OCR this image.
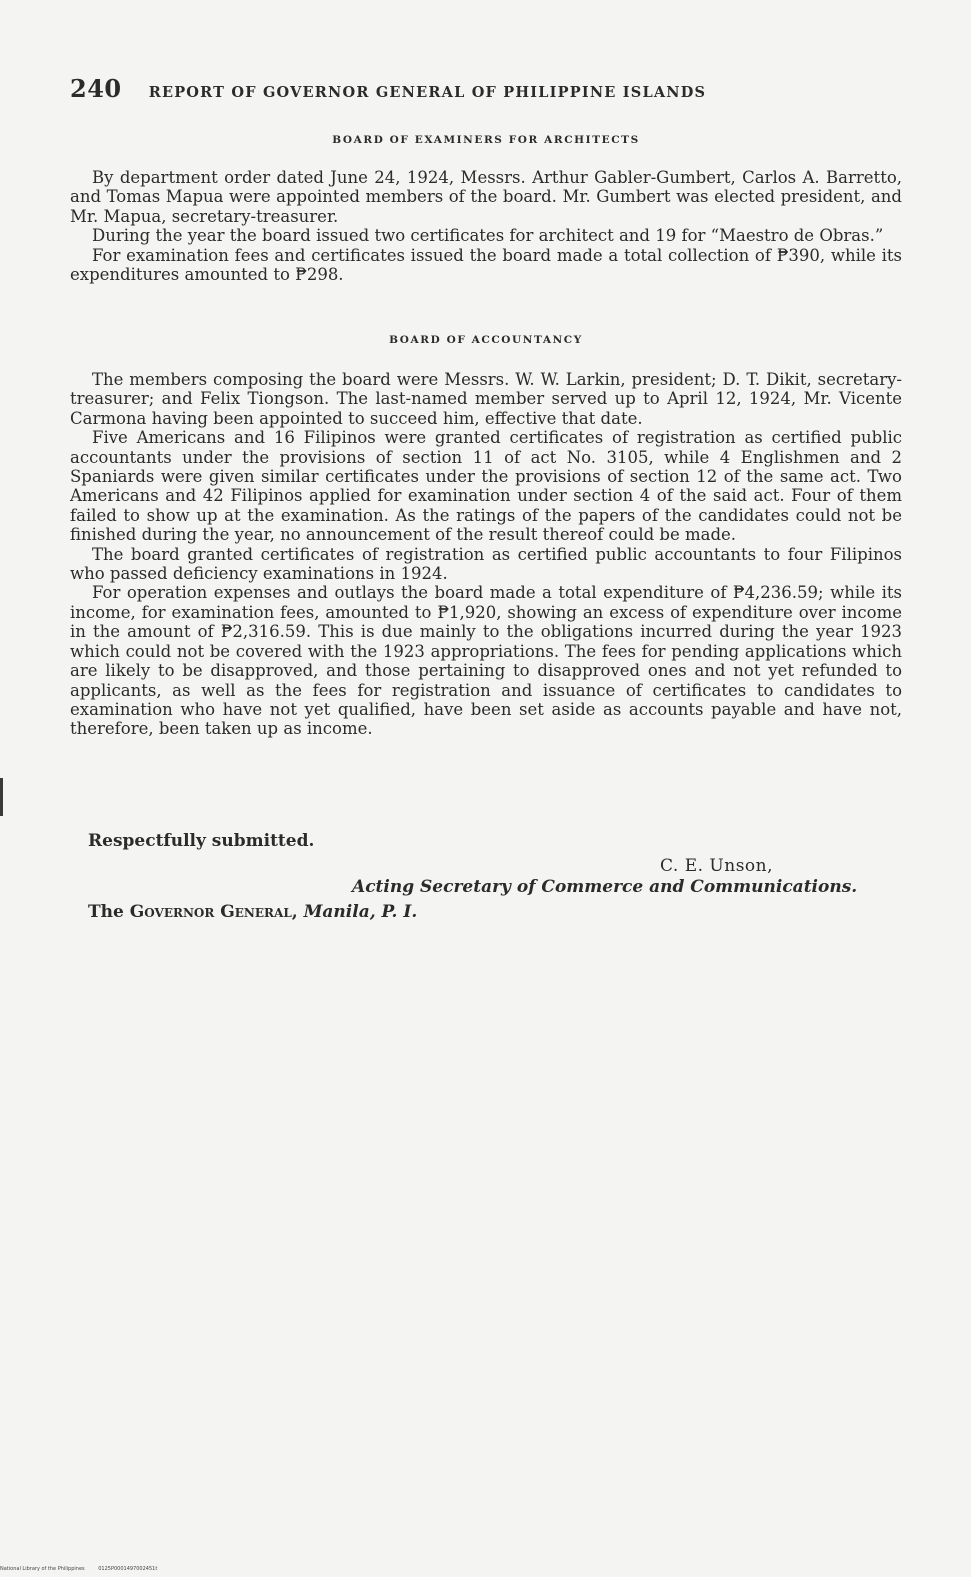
240 REPORT OF GOVERNOR GENERAL OF PHILIPPINE ISLANDS
BOARD OF EXAMINERS FOR ARCHITECTS

By department order dated June 24, 1924, Messrs. Arthur Gabler-Gumbert, Carlos A. Barretto, and Tomas Mapua were appointed members of the board. Mr. Gumbert was elected president, and Mr. Mapua, secretary-treasurer.

During the year the board issued two certificates for architect and 19 for “Maestro de Obras.”

For examination fees and certificates issued the board made a total collection of ₱390, while its expenditures amounted to ₱298.

BOARD OF ACCOUNTANCY

The members composing the board were Messrs. W. W. Larkin, president; D. T. Dikit, secretary-treasurer; and Felix Tiongson. The last-named member served up to April 12, 1924, Mr. Vicente Carmona having been appointed to succeed him, effective that date.

Five Americans and 16 Filipinos were granted certificates of registration as certified public accountants under the provisions of section 11 of act No. 3105, while 4 Englishmen and 2 Spaniards were given similar certificates under the provisions of section 12 of the same act. Two Americans and 42 Filipinos applied for examination under section 4 of the said act. Four of them failed to show up at the examination. As the ratings of the papers of the candidates could not be finished during the year, no announcement of the result thereof could be made.

The board granted certificates of registration as certified public accountants to four Filipinos who passed deficiency examinations in 1924.

For operation expenses and outlays the board made a total expenditure of ₱4,236.59; while its income, for examination fees, amounted to ₱1,920, showing an excess of expenditure over income in the amount of ₱2,316.59. This is due mainly to the obligations incurred during the year 1923 which could not be covered with the 1923 appropriations. The fees for pending applications which are likely to be disapproved, and those pertaining to disapproved ones and not yet refunded to applicants, as well as the fees for registration and issuance of certificates to candidates to examination who have not yet qualified, have been set aside as accounts payable and have not, therefore, been taken up as income.

Respectfully submitted.
C. E. Unson,
Acting Secretary of Commerce and Communications.
The Governor General, Manila, P. I.
National Library of the Philippines	0125P0001497002451t
